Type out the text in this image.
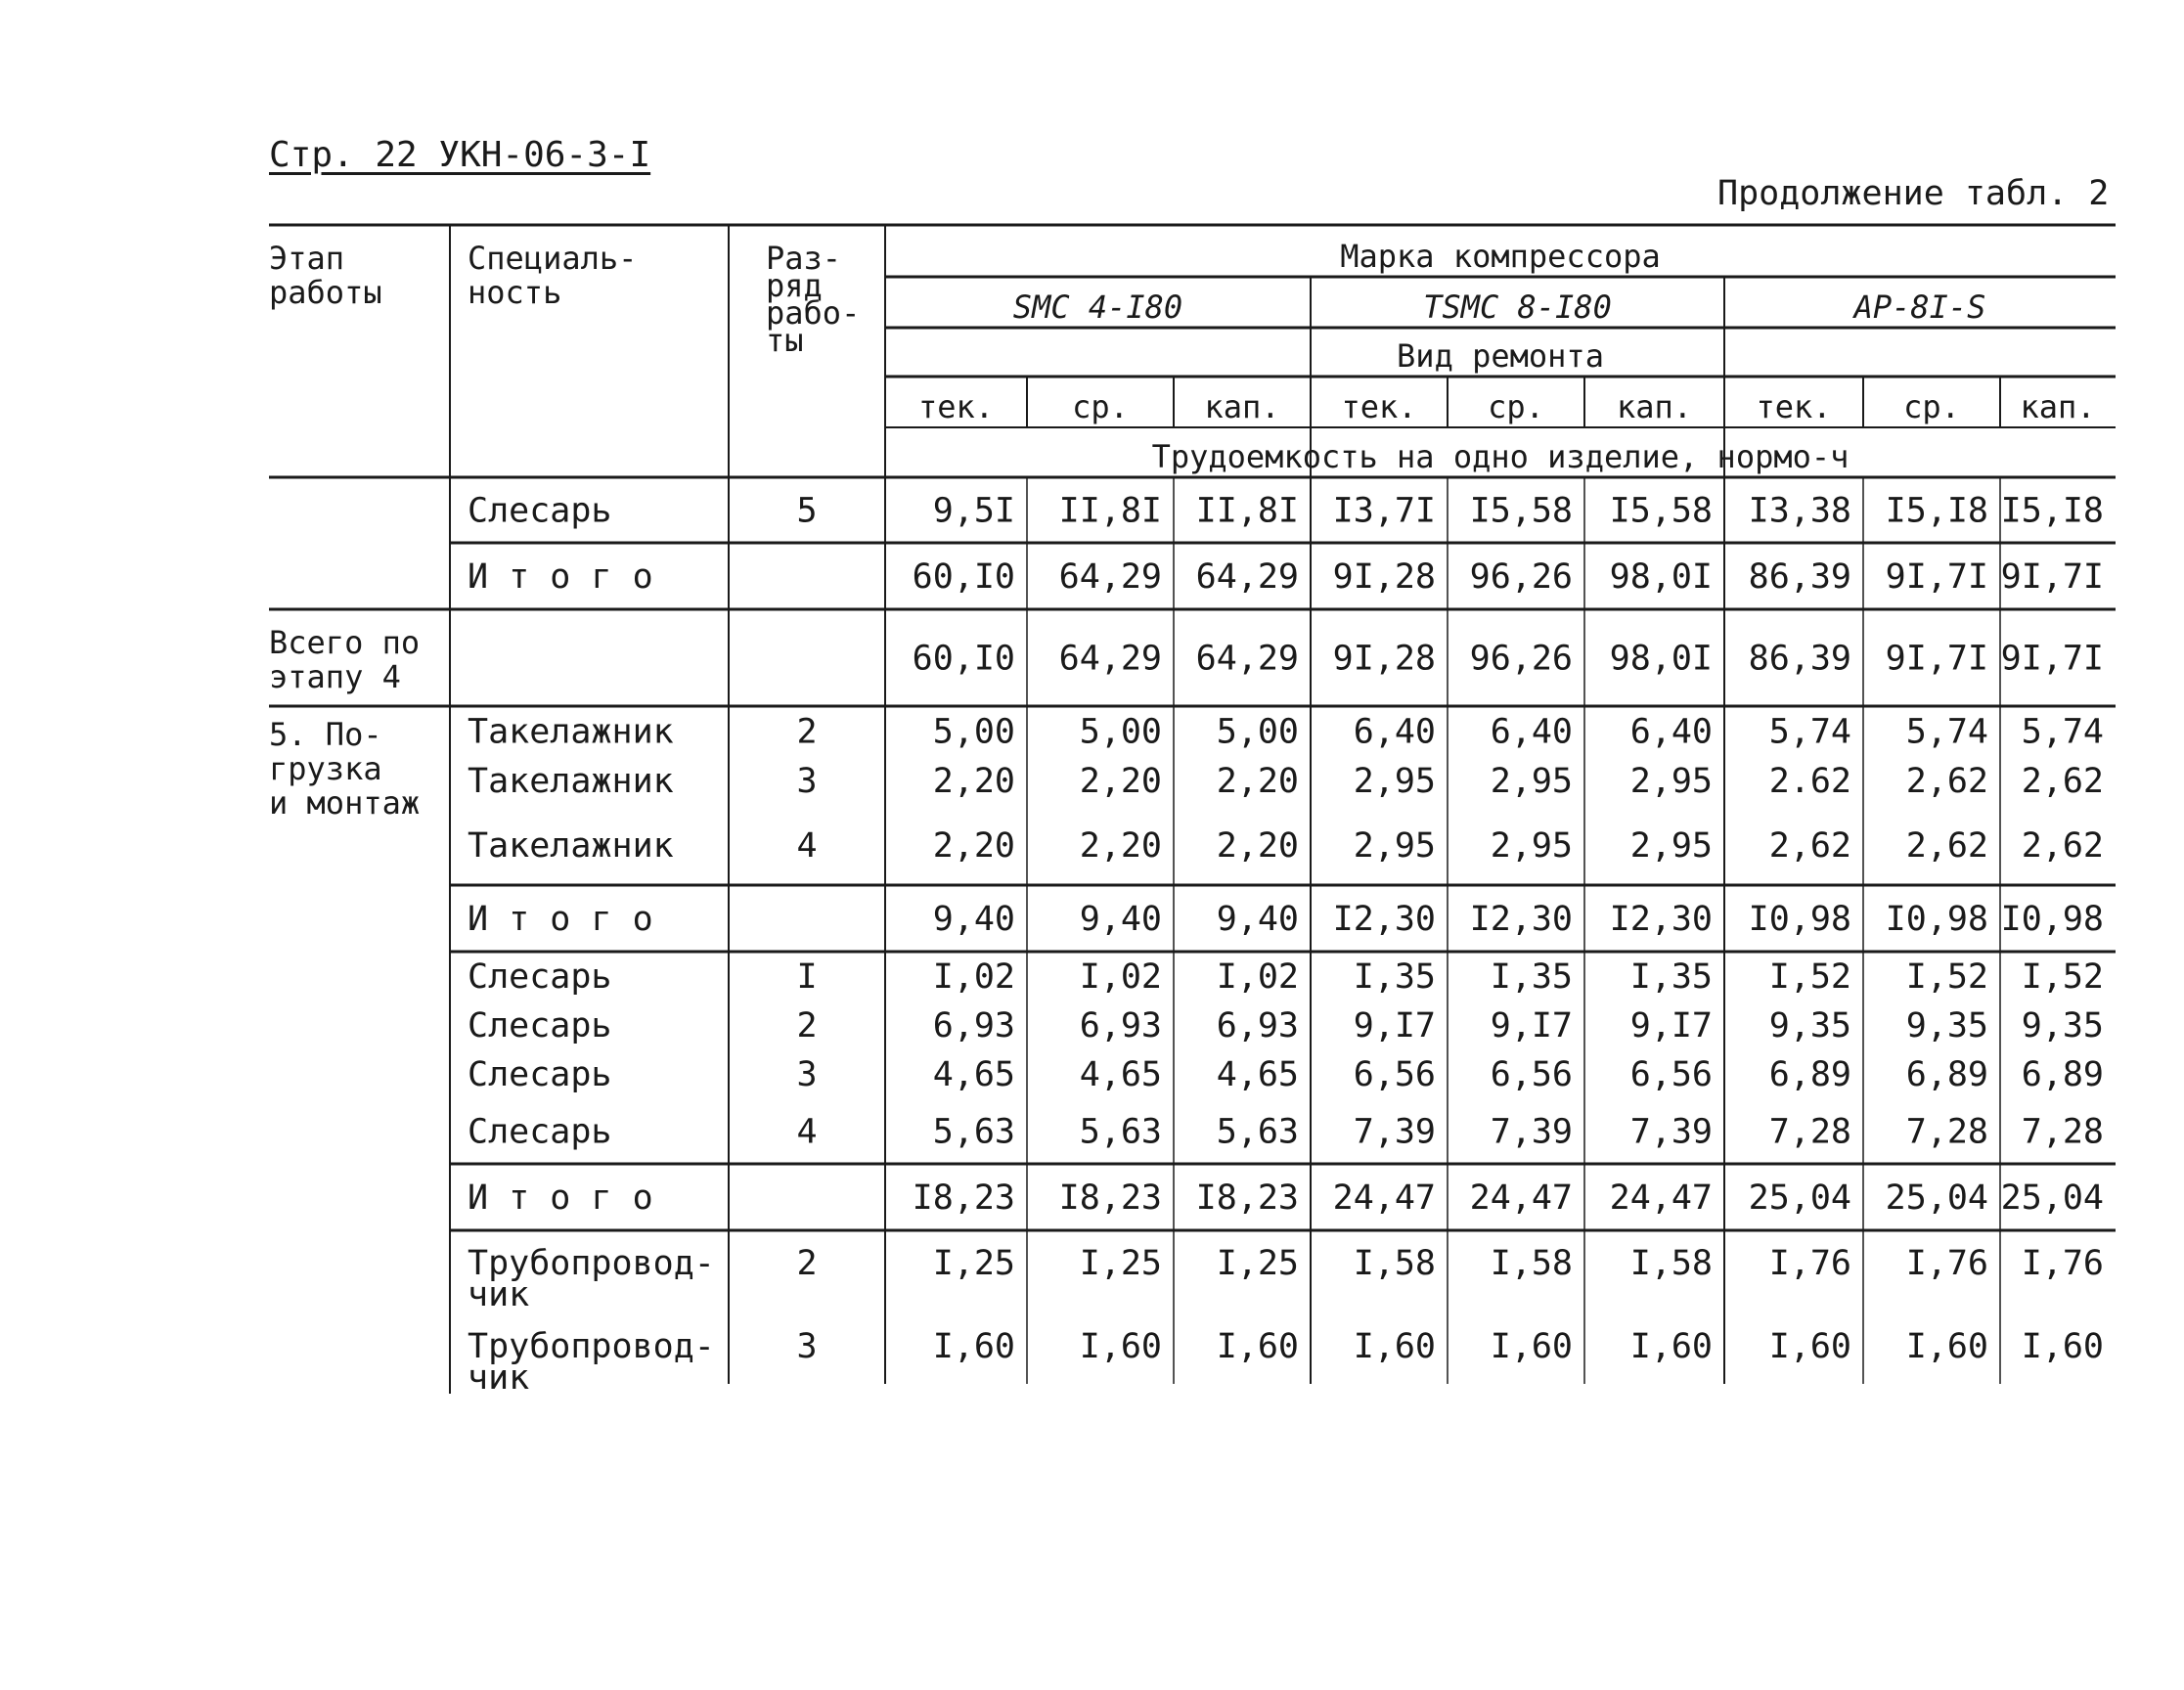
Стр. 22 УКН-06-3-I
Продолжение табл. 2
Этап
работы
Специаль-
ность
Раз-
ряд
рабо-
ты
Марка компрессора
SMC 4-I80	TSMC 8-I80	AP-8I-S
Вид ремонта
тек.	ср. кап. тек. ср. кап. тек. ср. кап.
Трудоемкость на одно изделие, нормо-ч
Слесарь	5	9,5I II,8I II,8I I3,7I I5,58 I5,58 I3,38 I5,I8 I5,I8
И т о г о	60,I0 64,29 64,29 9I,28 96,26 98,0I 86,39 9I,7I 9I,7I
Всего по
этапу 4	60,I0 64,29 64,29 9I,28 96,26 98,0I 86,39 9I,7I 9I,7I
5. По-
грузка
и монтаж
Такелажник	2	5,00 5,00 5,00 6,40 6,40 6,40 5,74 5,74 5,74
Такелажник	3	2,20 2,20 2,20 2,95 2,95 2,95 2.62 2,62 2,62
Такелажник	4	2,20 2,20 2,20 2,95 2,95 2,95 2,62 2,62 2,62
И т о г о	9,40 9,40 9,40 I2,30 I2,30 I2,30 I0,98 I0,98 I0,98
Слесарь	I	I,02 I,02 I,02 I,35 I,35 I,35 I,52 I,52 I,52
Слесарь	2	6,93 6,93 6,93 9,I7 9,I7 9,I7 9,35 9,35 9,35
Слесарь	3	4,65 4,65 4,65 6,56 6,56 6,56 6,89 6,89 6,89
Слесарь	4	5,63 5,63 5,63 7,39 7,39 7,39 7,28 7,28 7,28
И т о г о	I8,23 I8,23 I8,23 24,47 24,47 24,47 25,04 25,04 25,04
Трубопровод-
чик
2	I,25 I,25 I,25 I,58 I,58 I,58 I,76 I,76 I,76
Трубопровод-
чик
3	I,60 I,60 I,60 I,60 I,60 I,60 I,60 I,60 I,60
